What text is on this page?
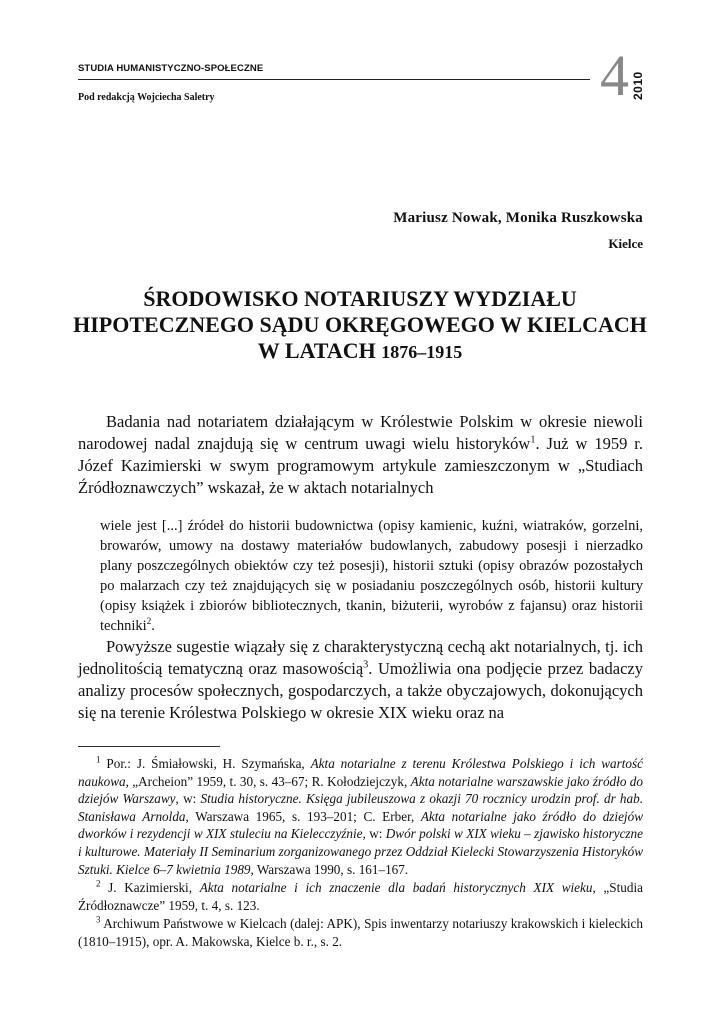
STUDIA HUMANISTYCZNO-SPOŁECZNE
Pod redakcją Wojciecha Saletry	4 2010
Mariusz Nowak, Monika Ruszkowska
Kielce
ŚRODOWISKO NOTARIUSZY WYDZIAŁU
HIPOTECZNEGO SĄDU OKRĘGOWEGO W KIELCACH
W LATACH 1876–1915

Badania nad notariatem działającym w Królestwie Polskim w okresie niewoli narodowej nadal znajdują się w centrum uwagi wielu historyków$^1$. Już w 1959 r. Józef Kazimierski w swym programowym artykule zamieszczonym w „Studiach Źródłoznawczych” wskazał, że w aktach notarialnych

wiele jest [...] źródeł do historii budownictwa (opisy kamienic, kuźni, wiatraków, gorzelni, browarów, umowy na dostawy materiałów budowlanych, zabudowy posesji i nierzadko plany poszczególnych obiektów czy też posesji), historii sztuki (opisy obrazów pozostałych po malarzach czy też znajdujących się w posiadaniu poszczególnych osób, historii kultury (opisy książek i zbiorów bibliotecznych, tkanin, biżuterii, wyrobów z fajansu) oraz historii techniki$^2$.

Powyższe sugestie wiązały się z charakterystyczną cechą akt notarialnych, tj. ich jednolitością tematyczną oraz masowością$^3$. Umożliwia ona podjęcie przez badaczy analizy procesów społecznych, gospodarczych, a także obyczajowych, dokonujących się na terenie Królestwa Polskiego w okresie XIX wieku oraz na

$^1$ Por.: J. Śmiałowski, H. Szymańska, Akta notarialne z terenu Królestwa Polskiego i ich wartość naukowa, „Archeion” 1959, t. 30, s. 43–67; R. Kołodziejczyk, Akta notarialne warszawskie jako źródło do dziejów Warszawy, w: Studia historyczne. Księga jubileuszowa z okazji 70 rocznicy urodzin prof. dr hab. Stanisława Arnolda, Warszawa 1965, s. 193–201; C. Erber, Akta notarialne jako źródło do dziejów dworków i rezydencji w XIX stuleciu na Kielecczyźnie, w: Dwór polski w XIX wieku – zjawisko historyczne i kulturowe. Materiały II Seminarium zorganizowanego przez Oddział Kielecki Stowarzyszenia Historyków Sztuki. Kielce 6–7 kwietnia 1989, Warszawa 1990, s. 161–167.

$^2$ J. Kazimierski, Akta notarialne i ich znaczenie dla badań historycznych XIX wieku, „Studia Źródłoznawcze” 1959, t. 4, s. 123.

$^3$ Archiwum Państwowe w Kielcach (dalej: APK), Spis inwentarzy notariuszy krakowskich i kieleckich (1810–1915), opr. A. Makowska, Kielce b. r., s. 2.
